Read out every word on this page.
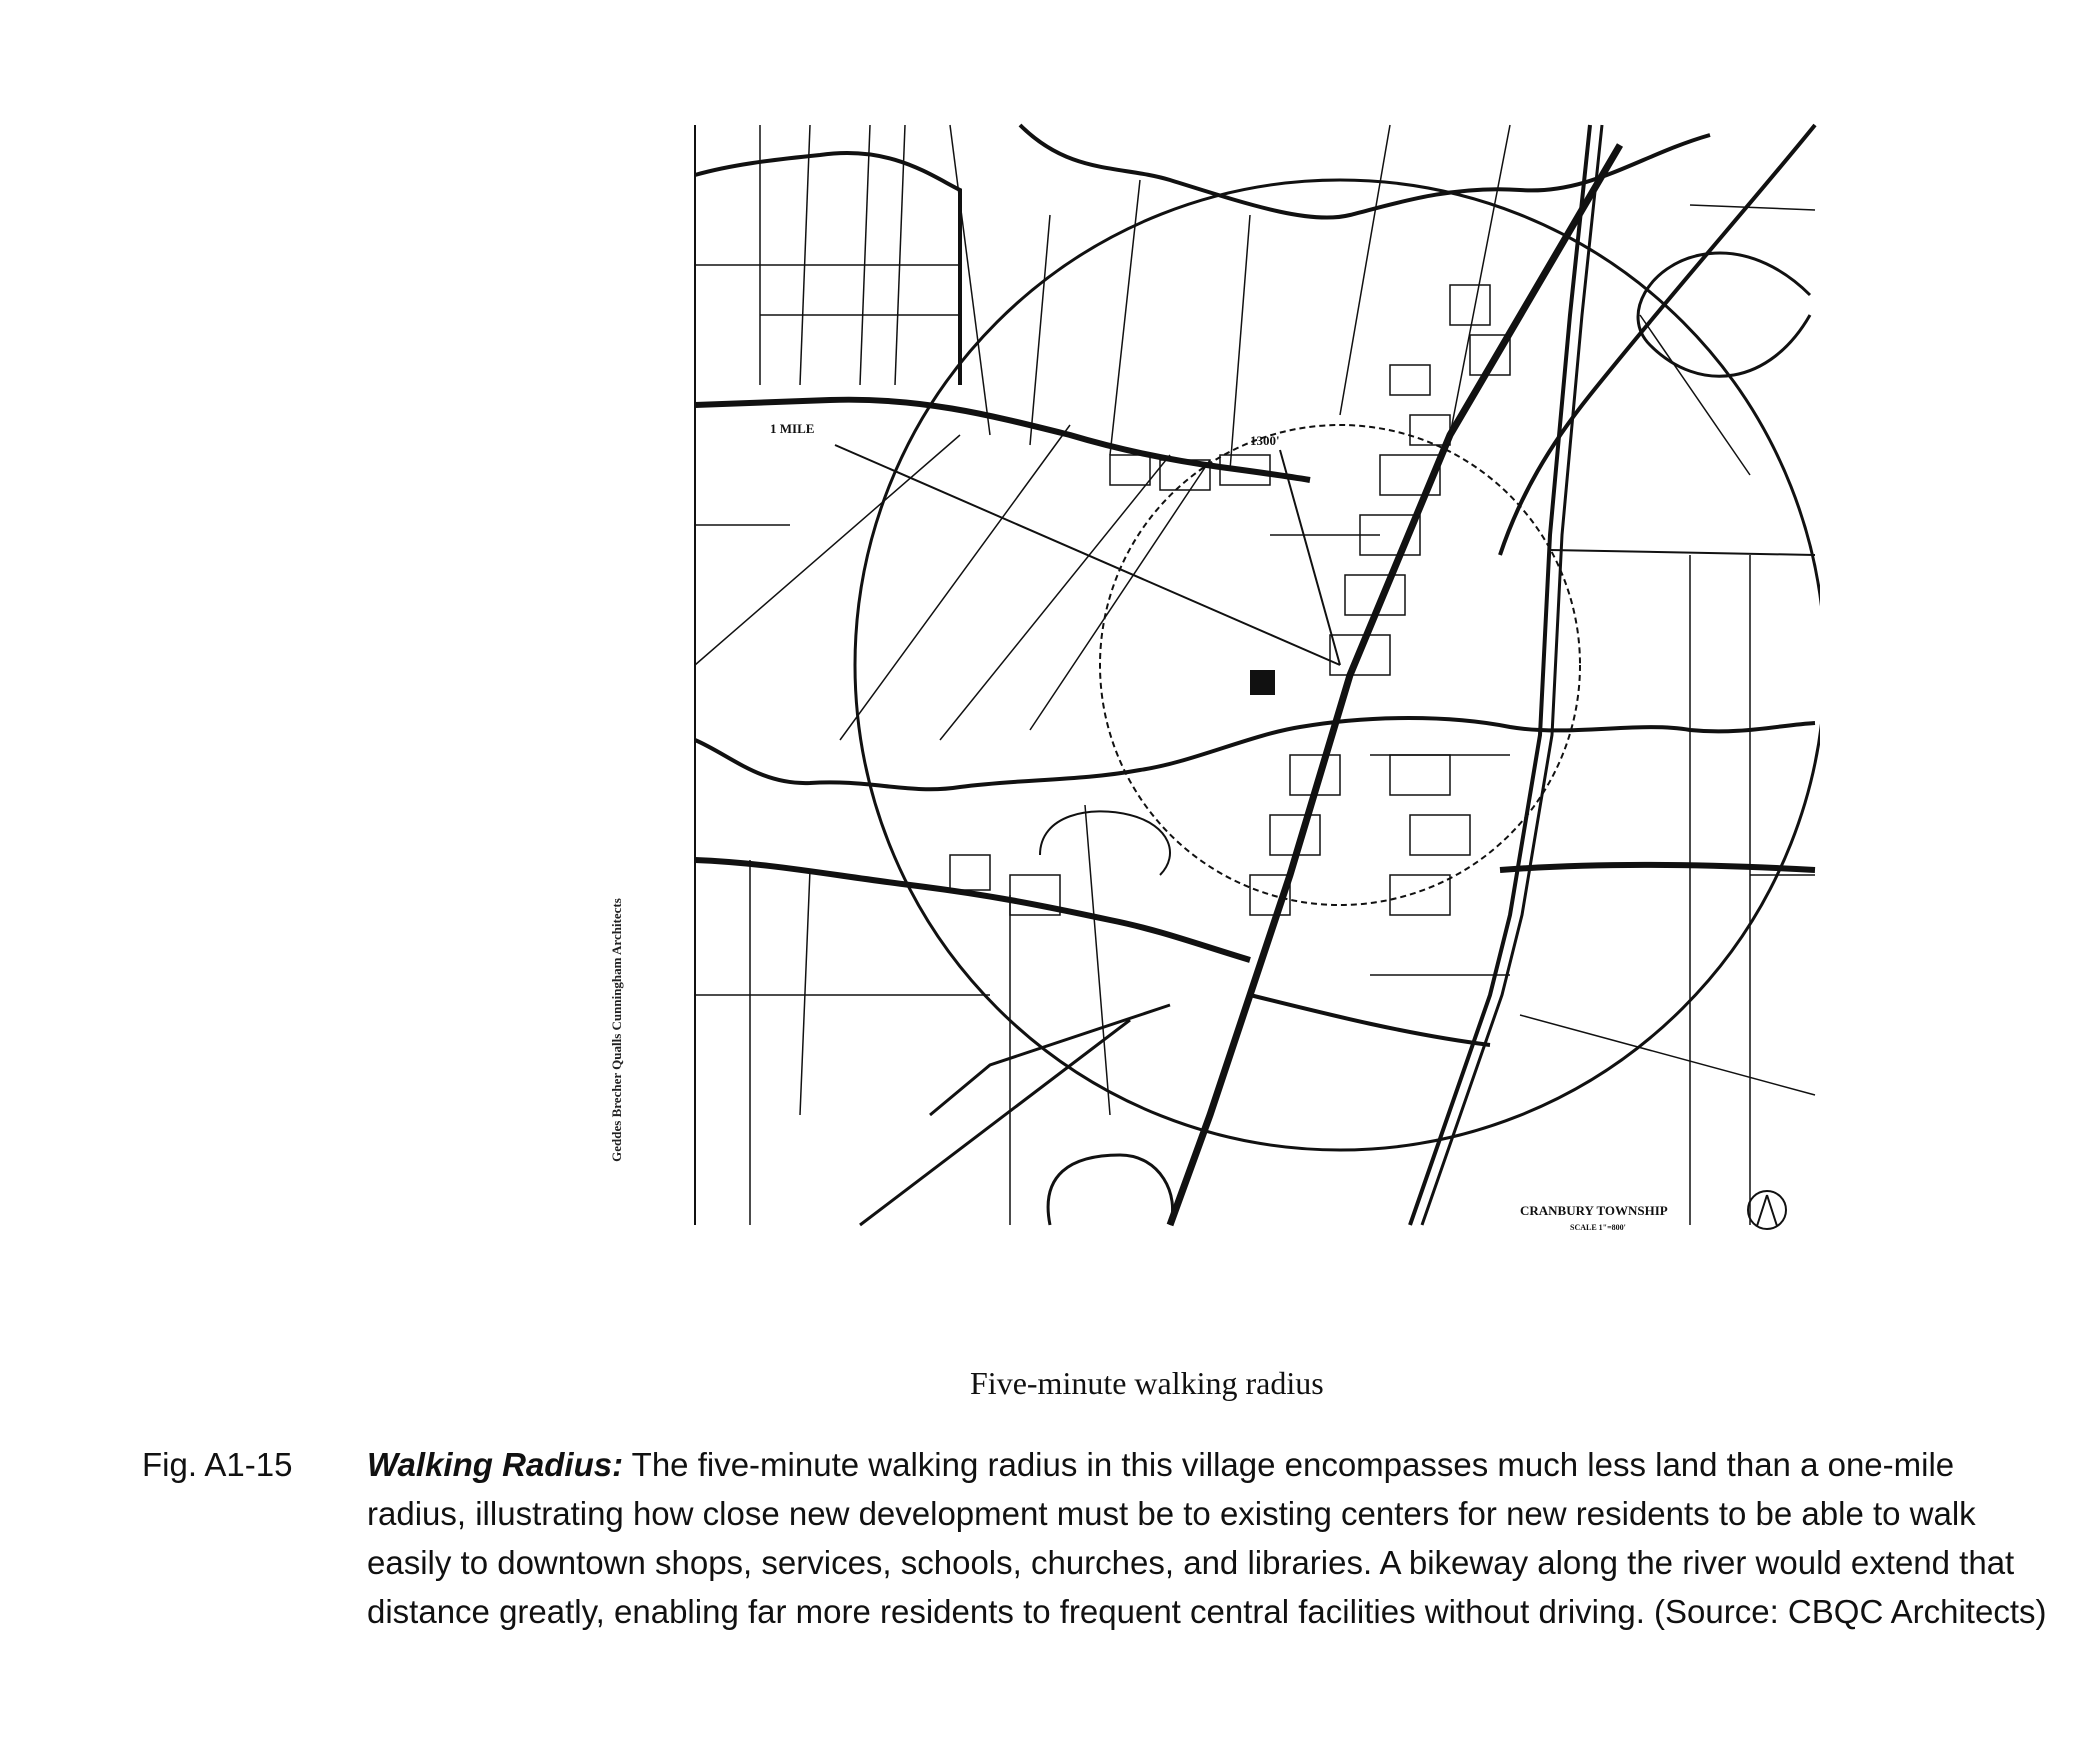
1 MILE
1300'
CRANBURY TOWNSHIP
SCALE 1"=800'
Geddes Brecher Qualls Cunningham Architects
Five-minute walking radius
Fig. A1-15 Walking Radius: The five-minute walking radius in this village encompasses much less land than a one-mile radius, illustrating how close new development must be to existing centers for new residents to be able to walk easily to downtown shops, services, schools, churches, and libraries. A bikeway along the river would extend that distance greatly, enabling far more residents to frequent central facilities without driving. (Source: CBQC Architects)
